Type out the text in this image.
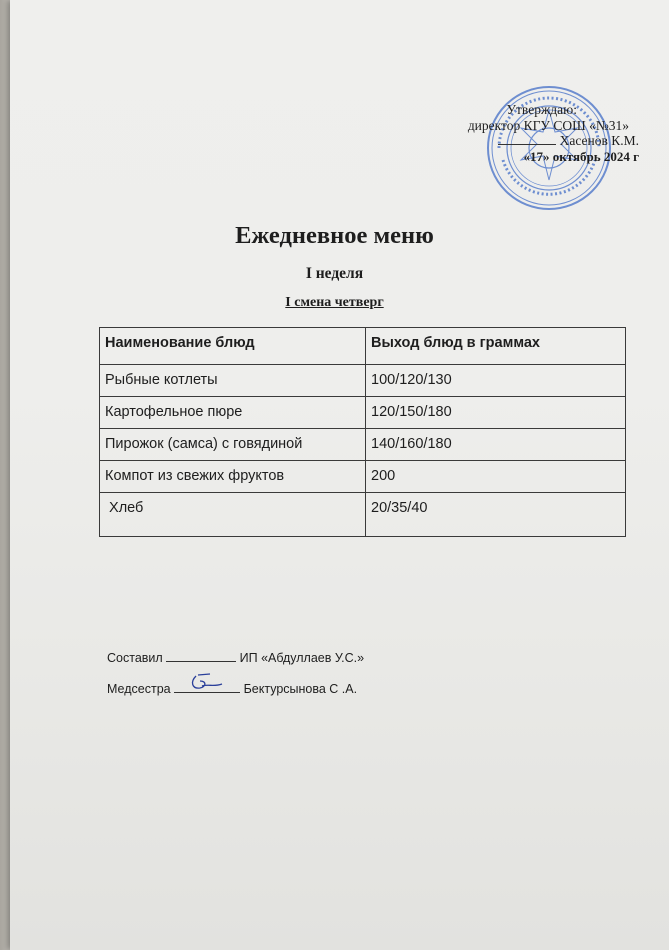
Утверждаю:
директор КГУ СОШ «№31»
Хасенов К.М.
«17» октябрь 2024 г
Ежедневное меню
I неделя
I смена четверг
Наименование блюд	Выход блюд в граммах
Рыбные котлеты	100/120/130
Картофельное пюре	120/150/180
Пирожок (самса) с говядиной	140/160/180
Компот из свежих фруктов	200
Хлеб	20/35/40
Составил	ИП «Абдуллаев У.С.»
Медсестра	Бектурсынова С .А.
